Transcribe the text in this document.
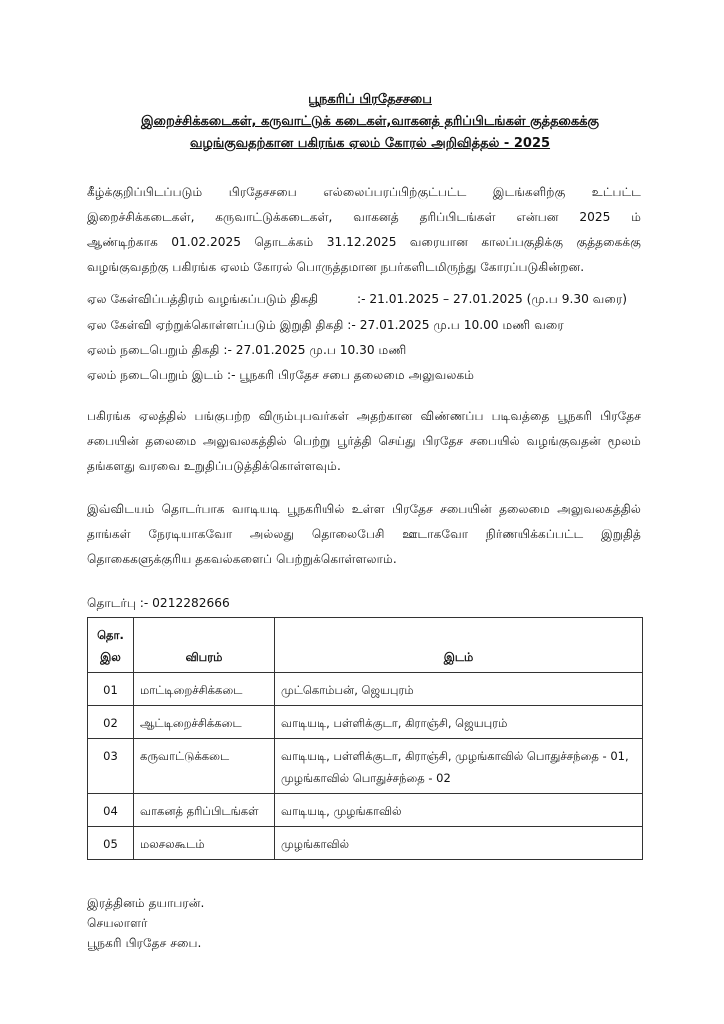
பூநகரிப் பிரதேசசபை
இறைச்சிக்கடைகள், கருவாட்டுக் கடைகள்,வாகனத் தரிப்பிடங்கள் குத்தகைக்கு
வழங்குவதற்கான பகிரங்க ஏலம் கோரல் அறிவித்தல் - 2025
கீழ்க்குறிப்பிடப்படும் பிரதேசசபை எல்லைப்பரப்பிற்குட்பட்ட இடங்களிற்கு உட்பட்ட
இறைச்சிக்கடைகள், கருவாட்டுக்கடைகள், வாகனத் தரிப்பிடங்கள் என்பன 2025 ம்
ஆண்டிற்காக 01.02.2025 தொடக்கம் 31.12.2025 வரையான காலப்பகுதிக்கு குத்தகைக்கு
வழங்குவதற்கு பகிரங்க ஏலம் கோரல் பொருத்தமான நபர்களிடமிருந்து கோரப்படுகின்றன.
ஏல கேள்விப்பத்திரம் வழங்கப்படும் திகதி          :- 21.01.2025 – 27.01.2025 (மு.ப 9.30 வரை)
ஏல கேள்வி ஏற்றுக்கொள்ளப்படும் இறுதி திகதி :- 27.01.2025 மு.ப 10.00 மணி வரை
ஏலம் நடைபெறும் திகதி :- 27.01.2025 மு.ப 10.30 மணி
ஏலம் நடைபெறும் இடம் :- பூநகரி பிரதேச சபை தலைமை அலுவலகம்
பகிரங்க ஏலத்தில் பங்குபற்ற விரும்புபவர்கள் அதற்கான விண்ணப்ப படிவத்தை பூநகரி பிரதேச
சபையின் தலைமை அலுவலகத்தில் பெற்று பூர்த்தி செய்து பிரதேச சபையில் வழங்குவதன் மூலம்
தங்களது வரவை உறுதிப்படுத்திக்கொள்ளவும்.
இவ்விடயம் தொடர்பாக வாடியடி பூநகரியில் உள்ள பிரதேச சபையின் தலைமை அலுவலகத்தில்
தாங்கள் நேரடியாகவோ அல்லது தொலைபேசி ஊடாகவோ நிர்ணயிக்கப்பட்ட இறுதித்
தொகைகளுக்குரிய தகவல்களைப் பெற்றுக்கொள்ளலாம்.
தொடர்பு :- 0212282666
தொ.
இல	விபரம்	இடம்
01	மாட்டிறைச்சிக்கடை	முட்கொம்பன், ஜெயபுரம்
02	ஆட்டிறைச்சிக்கடை	வாடியடி, பள்ளிக்குடா, கிராஞ்சி, ஜெயபுரம்
03	கருவாட்டுக்கடை	வாடியடி, பள்ளிக்குடா, கிராஞ்சி, முழங்காவில் பொதுச்சந்தை - 01, முழங்காவில் பொதுச்சந்தை - 02
04	வாகனத் தரிப்பிடங்கள்	வாடியடி, முழங்காவில்
05	மலசலகூடம்	முழங்காவில்
இரத்தினம் தயாபரன்.
செயலாளர்
பூநகரி பிரதேச சபை.
